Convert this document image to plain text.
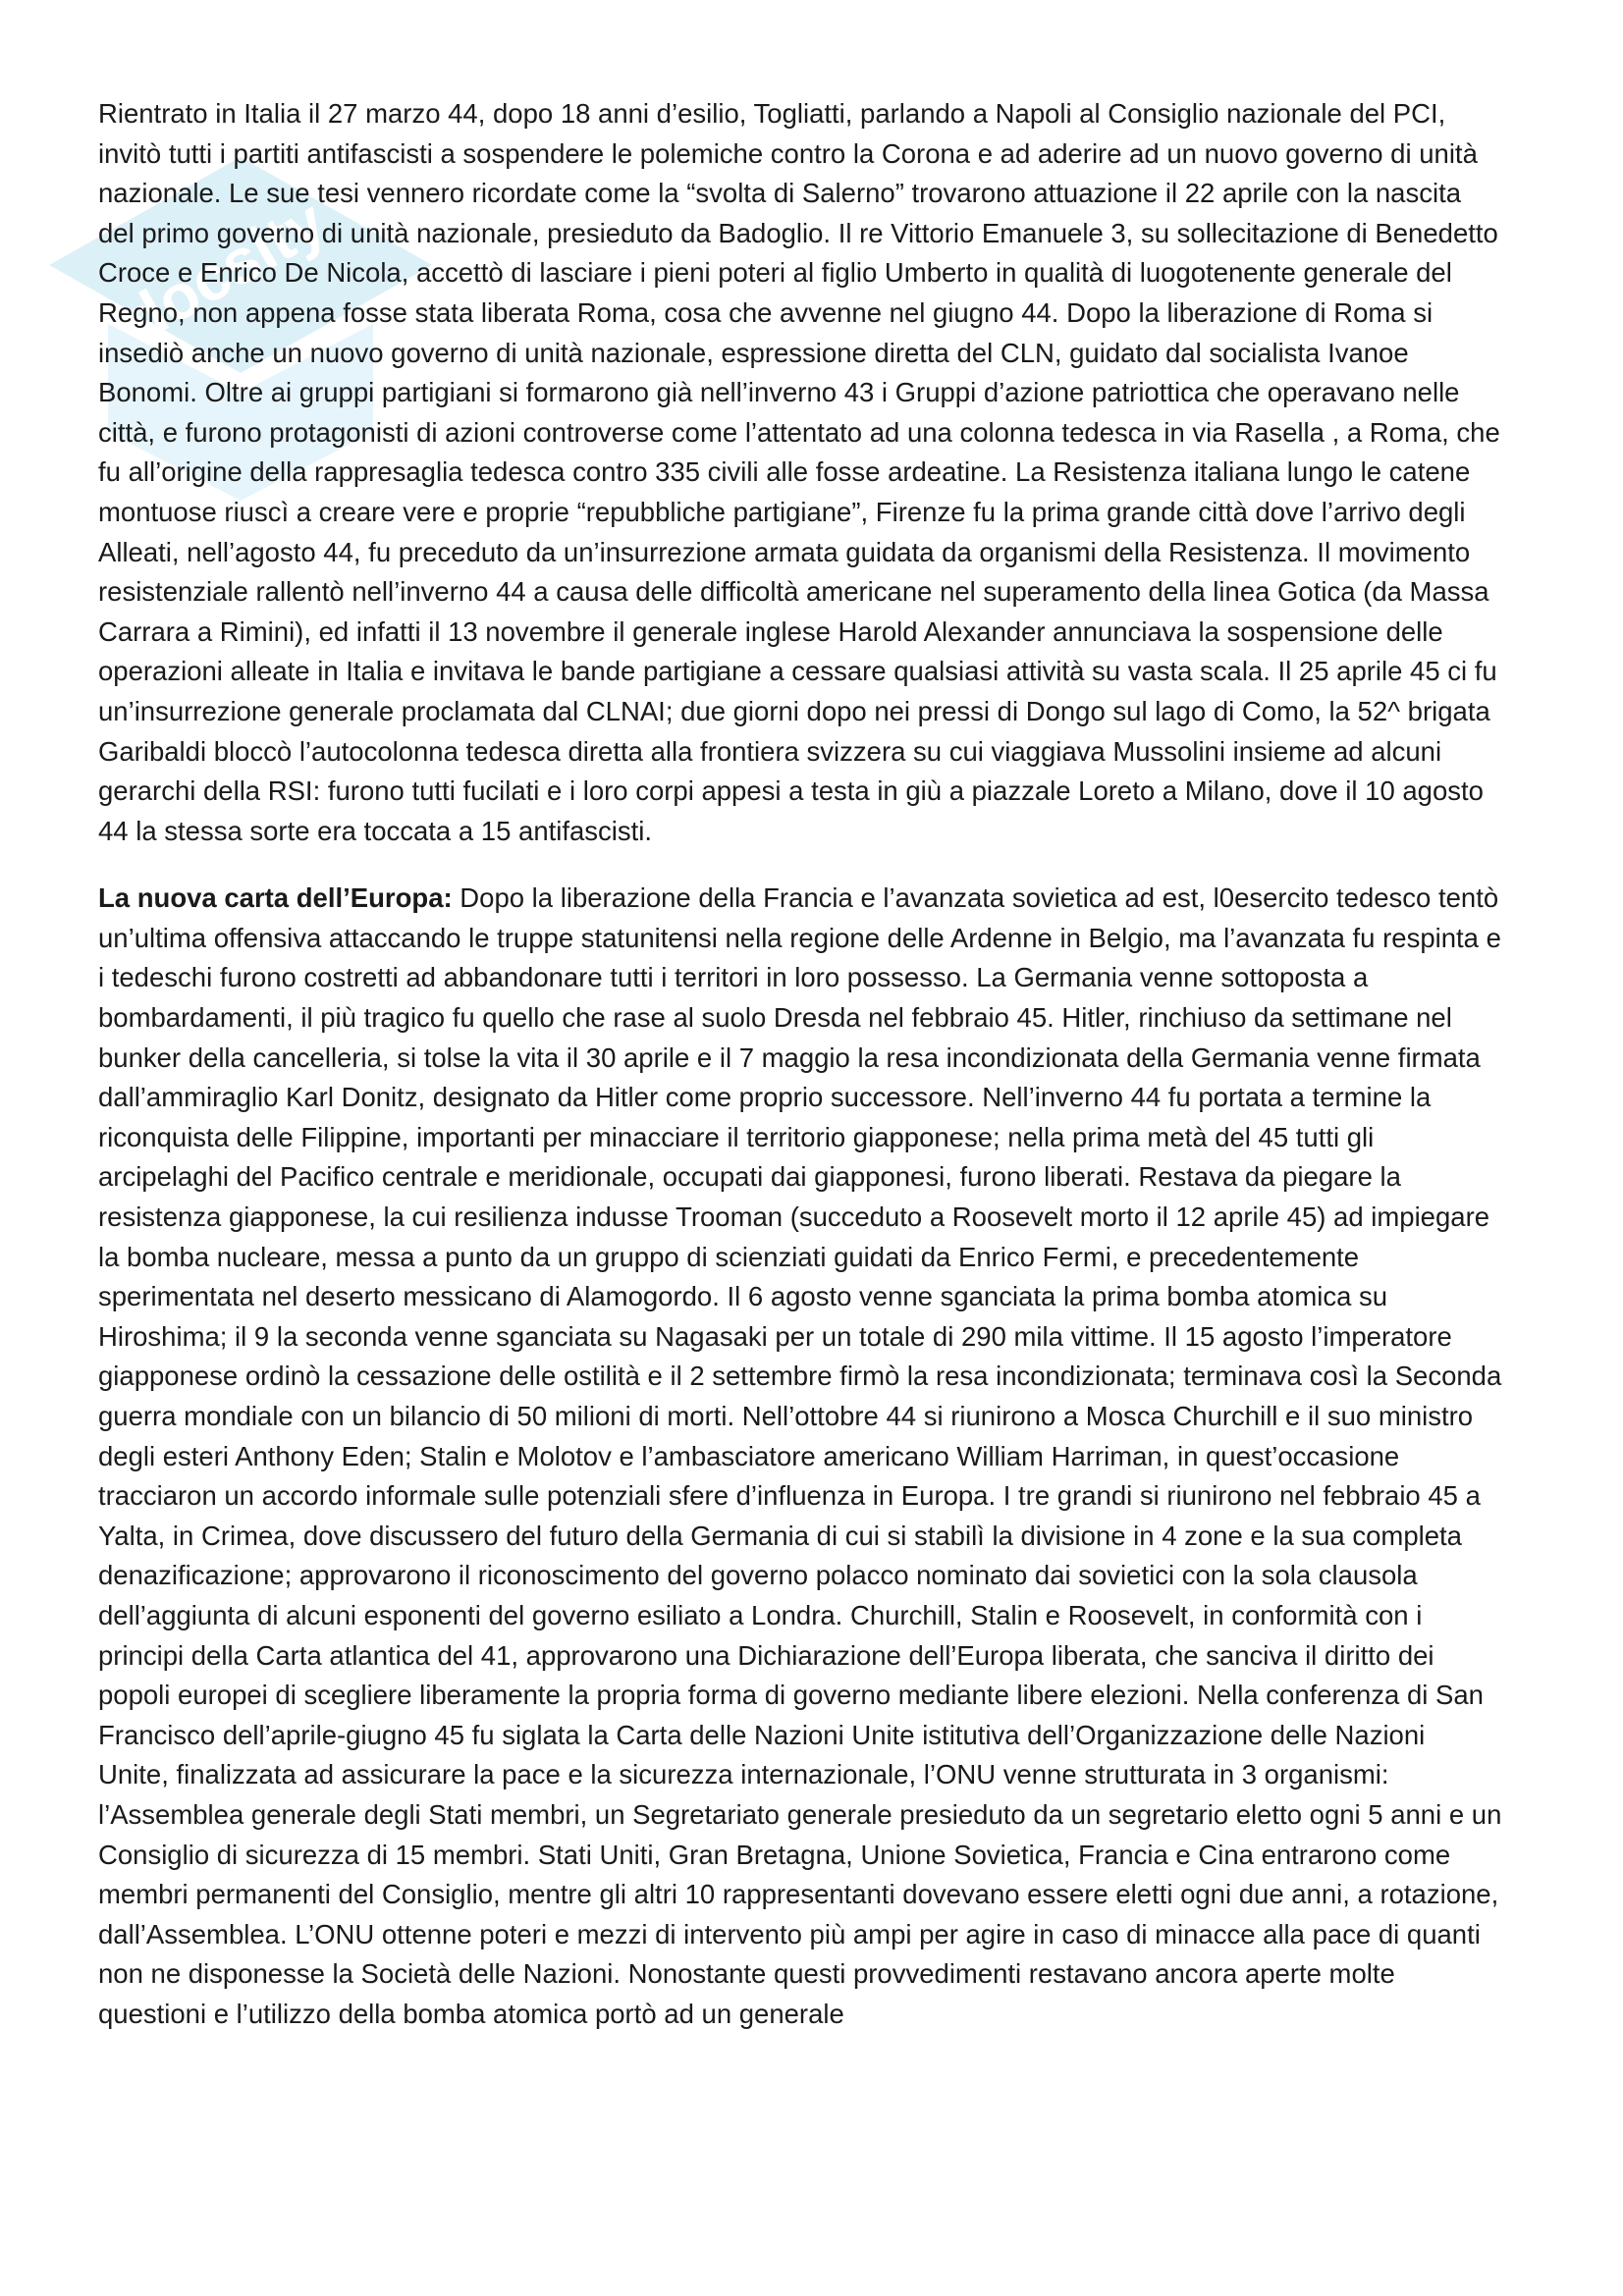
docsity

Rientrato in Italia il 27 marzo 44, dopo 18 anni d’esilio, Togliatti, parlando a Napoli al Consiglio nazionale del PCI, invitò tutti i partiti antifascisti a sospendere le polemiche contro la Corona e ad aderire ad un nuovo governo di unità nazionale. Le sue tesi vennero ricordate come la “svolta di Salerno” trovarono attuazione il 22 aprile con la nascita del primo governo di unità nazionale, presieduto da Badoglio. Il re Vittorio Emanuele 3, su sollecitazione di Benedetto Croce e Enrico De Nicola, accettò di lasciare i pieni poteri al figlio Umberto in qualità di luogotenente generale del Regno, non appena fosse stata liberata Roma, cosa che avvenne nel giugno 44. Dopo la liberazione di Roma si insediò anche un nuovo governo di unità nazionale, espressione diretta del CLN, guidato dal socialista Ivanoe Bonomi. Oltre ai gruppi partigiani si formarono già nell’inverno 43 i Gruppi d’azione patriottica che operavano nelle città, e furono protagonisti di azioni controverse come l’attentato ad una colonna tedesca in via Rasella , a Roma, che fu all’origine della rappresaglia tedesca contro 335 civili alle fosse ardeatine. La Resistenza italiana lungo le catene montuose riuscì a creare vere e proprie “repubbliche partigiane”, Firenze fu la prima grande città dove l’arrivo degli Alleati, nell’agosto 44, fu preceduto da un’insurrezione armata guidata da organismi della Resistenza. Il movimento resistenziale rallentò nell’inverno 44 a causa delle difficoltà americane nel superamento della linea Gotica (da Massa Carrara a Rimini), ed infatti il 13 novembre il generale inglese Harold Alexander annunciava la sospensione delle operazioni alleate in Italia e invitava le bande partigiane a cessare qualsiasi attività su vasta scala. Il 25 aprile 45 ci fu un’insurrezione generale proclamata dal CLNAI; due giorni dopo nei pressi di Dongo sul lago di Como, la 52^ brigata Garibaldi bloccò l’autocolonna tedesca diretta alla frontiera svizzera su cui viaggiava Mussolini insieme ad alcuni gerarchi della RSI: furono tutti fucilati e i loro corpi appesi a testa in giù a piazzale Loreto a Milano, dove il 10 agosto 44 la stessa sorte era toccata a 15 antifascisti.

La nuova carta dell’Europa: Dopo la liberazione della Francia e l’avanzata sovietica ad est, l0esercito tedesco tentò un’ultima offensiva attaccando le truppe statunitensi nella regione delle Ardenne in Belgio, ma l’avanzata fu respinta e i tedeschi furono costretti ad abbandonare tutti i territori in loro possesso. La Germania venne sottoposta a bombardamenti, il più tragico fu quello che rase al suolo Dresda nel febbraio 45. Hitler, rinchiuso da settimane nel bunker della cancelleria, si tolse la vita il 30 aprile e il 7 maggio la resa incondizionata della Germania venne firmata dall’ammiraglio Karl Donitz, designato da Hitler come proprio successore. Nell’inverno 44 fu portata a termine la riconquista delle Filippine, importanti per minacciare il territorio giapponese; nella prima metà del 45 tutti gli arcipelaghi del Pacifico centrale e meridionale, occupati dai giapponesi, furono liberati. Restava da piegare la resistenza giapponese, la cui resilienza indusse Trooman (succeduto a Roosevelt morto il 12 aprile 45) ad impiegare la bomba nucleare, messa a punto da un gruppo di scienziati guidati da Enrico Fermi, e precedentemente sperimentata nel deserto messicano di Alamogordo. Il 6 agosto venne sganciata la prima bomba atomica su Hiroshima; il 9 la seconda venne sganciata su Nagasaki per un totale di 290 mila vittime. Il 15 agosto l’imperatore giapponese ordinò la cessazione delle ostilità e il 2 settembre firmò la resa incondizionata; terminava così la Seconda guerra mondiale con un bilancio di 50 milioni di morti. Nell’ottobre 44 si riunirono a Mosca Churchill e il suo ministro degli esteri Anthony Eden; Stalin e Molotov e l’ambasciatore americano William Harriman, in quest’occasione tracciaron un accordo informale sulle potenziali sfere d’influenza in Europa. I tre grandi si riunirono nel febbraio 45 a Yalta, in Crimea, dove discussero del futuro della Germania di cui si stabilì la divisione in 4 zone e la sua completa denazificazione; approvarono il riconoscimento del governo polacco nominato dai sovietici con la sola clausola dell’aggiunta di alcuni esponenti del governo esiliato a Londra. Churchill, Stalin e Roosevelt, in conformità con i principi della Carta atlantica del 41, approvarono una Dichiarazione dell’Europa liberata, che sanciva il diritto dei popoli europei di scegliere liberamente la propria forma di governo mediante libere elezioni. Nella conferenza di San Francisco dell’aprile-giugno 45 fu siglata la Carta delle Nazioni Unite istitutiva dell’Organizzazione delle Nazioni Unite, finalizzata ad assicurare la pace e la sicurezza internazionale, l’ONU venne strutturata in 3 organismi: l’Assemblea generale degli Stati membri, un Segretariato generale presieduto da un segretario eletto ogni 5 anni e un Consiglio di sicurezza di 15 membri. Stati Uniti, Gran Bretagna, Unione Sovietica, Francia e Cina entrarono come membri permanenti del Consiglio, mentre gli altri 10 rappresentanti dovevano essere eletti ogni due anni, a rotazione, dall’Assemblea. L’ONU ottenne poteri e mezzi di intervento più ampi per agire in caso di minacce alla pace di quanti non ne disponesse la Società delle Nazioni. Nonostante questi provvedimenti restavano ancora aperte molte questioni e l’utilizzo della bomba atomica portò ad un generale
